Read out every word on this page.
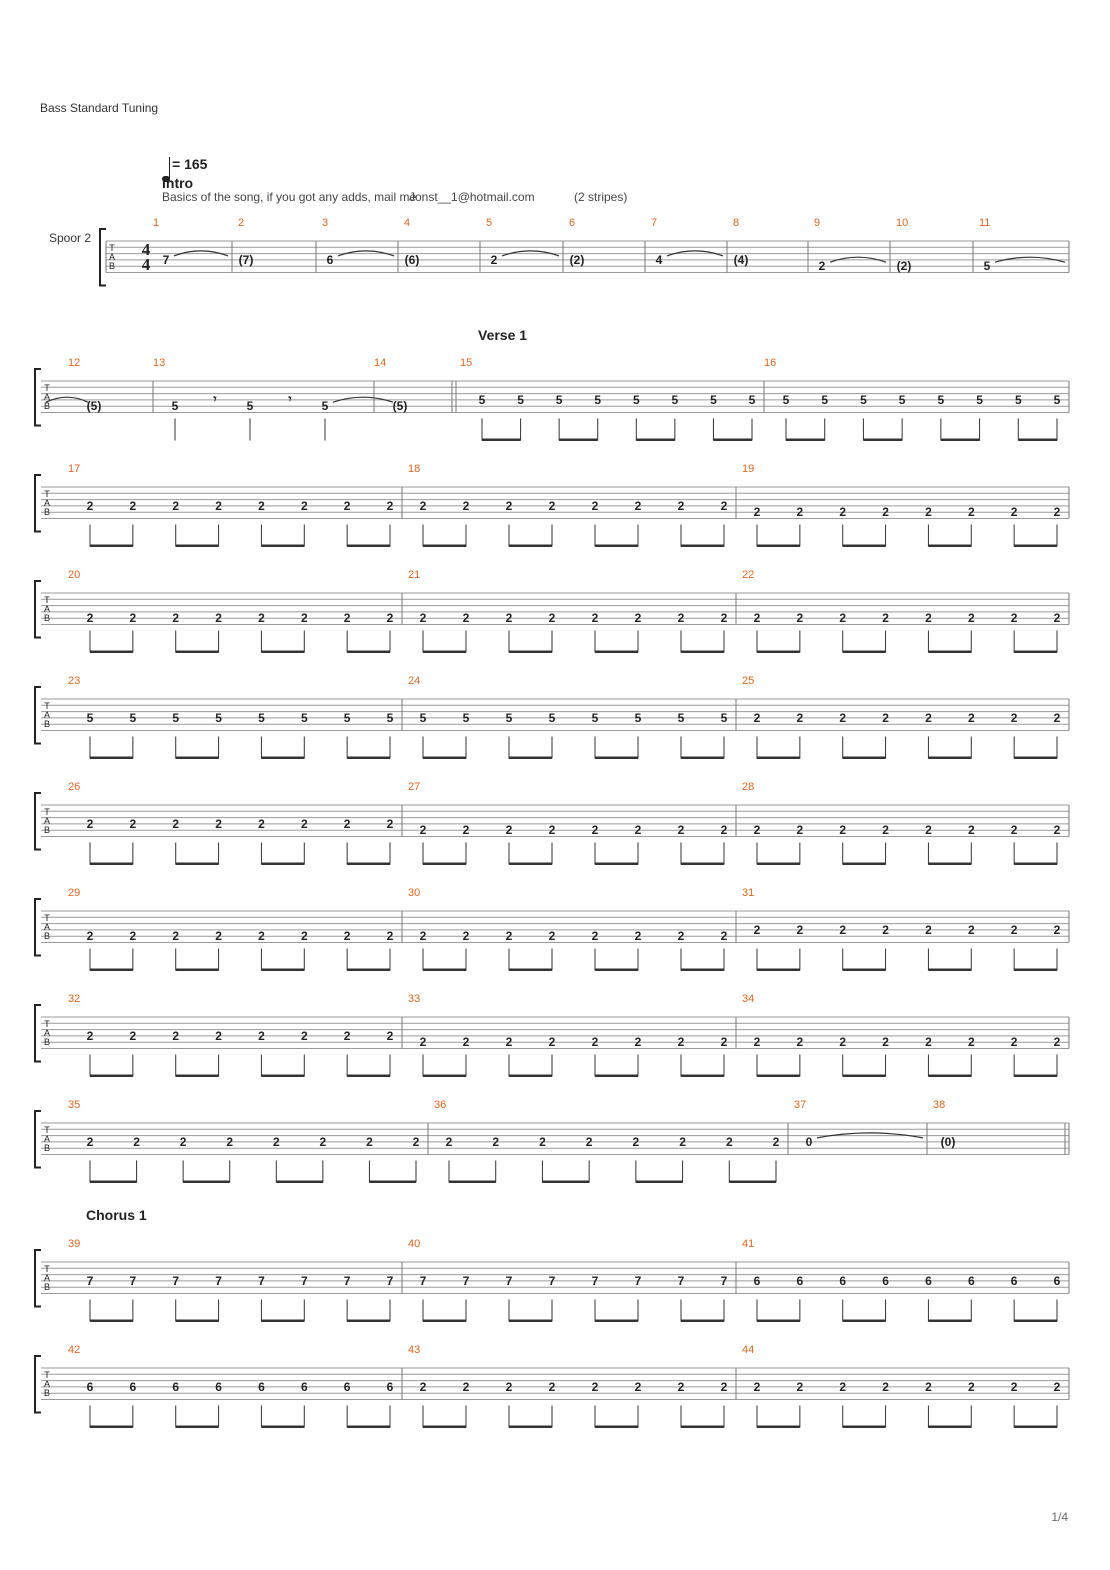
Bass Standard Tuning
= 165
Intro
Basics of the song, if you got any adds, mail me
Jonst__1@hotmail.com	(2 stripes)
Spoor 2
Verse 1
Chorus 1
1/4
T
A
B
4
4
1
7
2
(7)
3
6
4
(6)
5
2
6
(2)
7
4
8
(4)
9
2
10
(2)
11
5
T
A
B
12	13	14	15	16
(5)	5
𝄾
5
𝄾
5	(5)	5	5	5	5	5	5	5	5 5	5	5	5	5	5	5	5
T
A
B
17
2	2	2	2	2	2	2	2
18
2	2	2	2	2	2	2	2
19
2	2	2	2	2	2	2	2
T
A
B
20
2	2	2	2	2	2	2	2
21
2	2	2	2	2	2	2	2
22
2	2	2	2	2	2	2	2
T
A
B
23
5	5	5	5	5	5	5	5
24
5	5	5	5	5	5	5	5
25
2	2	2	2	2	2	2	2
T
A
B
26
2	2	2	2	2	2	2	2
27
2	2	2	2	2	2	2	2
28
2	2	2	2	2	2	2	2
T
A
B
29
2	2	2	2	2	2	2	2
30
2	2	2	2	2	2	2	2
31
2	2	2	2	2	2	2	2
T
A
B
32
2	2	2	2	2	2	2	2
33
2	2	2	2	2	2	2	2
34
2	2	2	2	2	2	2	2
T
A
B
35
2	2	2	2	2	2	2	2
36
2	2	2	2	2	2	2	2
37
0
38
(0)
T
A
B
39
7	7	7	7	7	7	7	7
40
7	7	7	7	7	7	7	7
41
6	6	6	6	6	6	6	6
T
A
B
42
6	6	6	6	6	6	6	6
43
2	2	2	2	2	2	2	2
44
2	2	2	2	2	2	2	2
